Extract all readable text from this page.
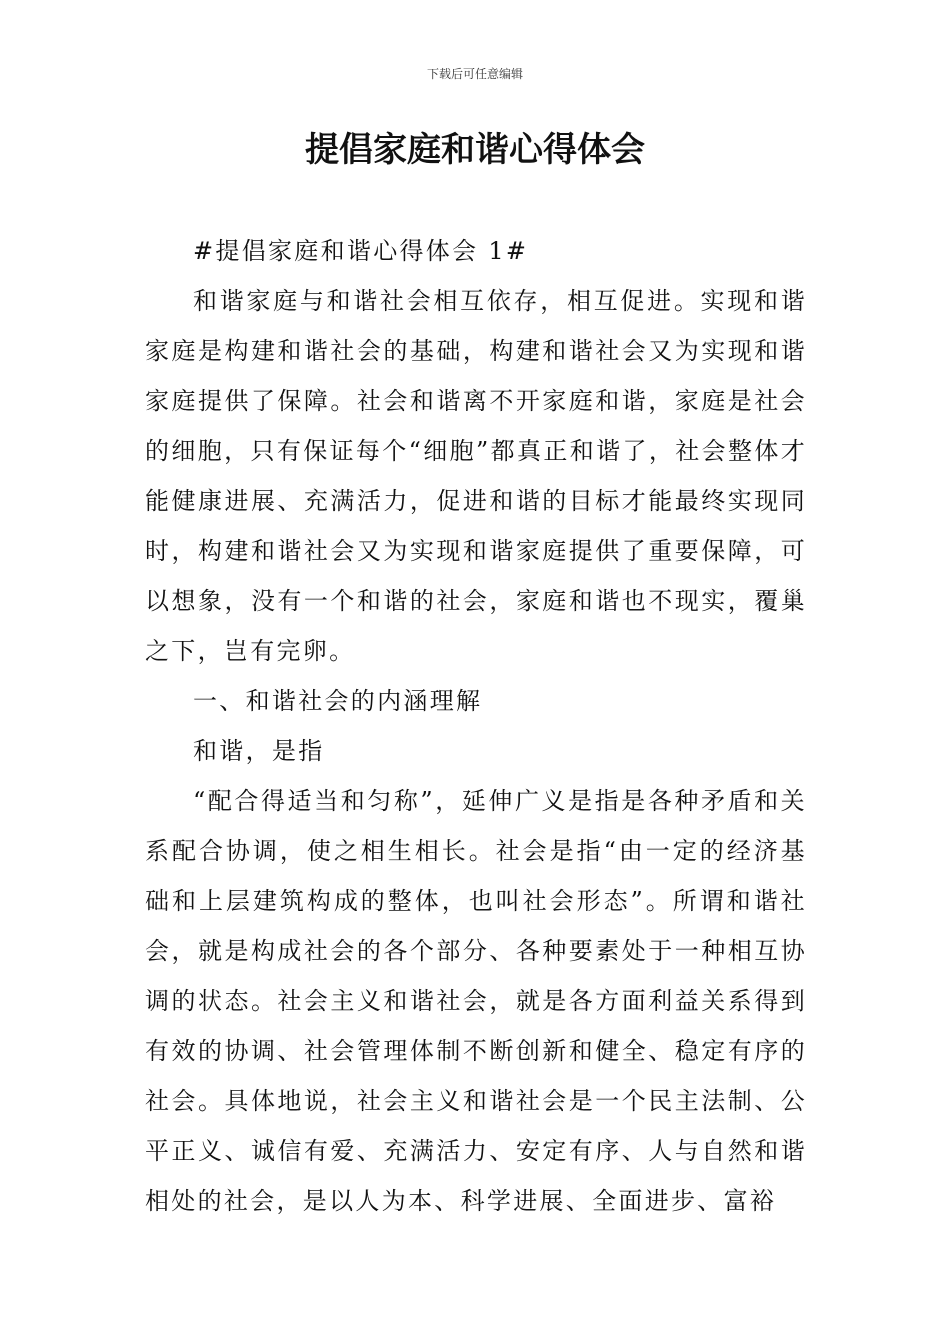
下载后可任意编辑
提倡家庭和谐心得体会

#提倡家庭和谐心得体会 1#

和谐家庭与和谐社会相互依存，相互促进。实现和谐家庭是构建和谐社会的基础，构建和谐社会又为实现和谐家庭提供了保障。社会和谐离不开家庭和谐，家庭是社会的细胞，只有保证每个“细胞”都真正和谐了，社会整体才能健康进展、充满活力，促进和谐的目标才能最终实现同时，构建和谐社会又为实现和谐家庭提供了重要保障，可以想象，没有一个和谐的社会，家庭和谐也不现实，覆巢之下，岂有完卵。

一、和谐社会的内涵理解

和谐，是指

“配合得适当和匀称”，延伸广义是指是各种矛盾和关系配合协调，使之相生相长。社会是指“由一定的经济基础和上层建筑构成的整体，也叫社会形态”。所谓和谐社会，就是构成社会的各个部分、各种要素处于一种相互协调的状态。社会主义和谐社会，就是各方面利益关系得到有效的协调、社会管理体制不断创新和健全、稳定有序的社会。具体地说，社会主义和谐社会是一个民主法制、公平正义、诚信有爱、充满活力、安定有序、人与自然和谐相处的社会，是以人为本、科学进展、全面进步、富裕
